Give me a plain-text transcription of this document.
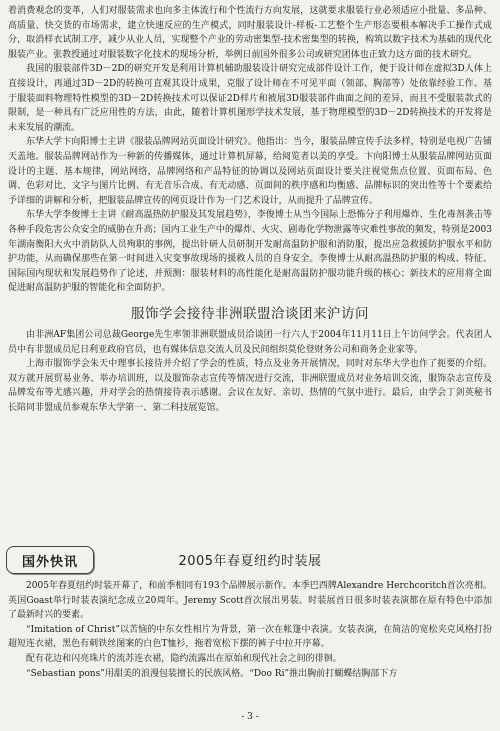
着消费观念的变革，人们对服装需求也向多主体流行和个性流行方向发展，这就要求服装行业必须适应小批量、多品种、高质量、快交货的市场需求，建立快速反应的生产模式，同时服装设计-样板-工艺整个生产形态要根本解决手工操作式成分，取消样衣试制工序，减少从业人员，实现整个产业的劳动密集型-技术密集型的转换，构筑以数字技术为基础的现代化服装产业。张教授通过对服装数字化技术的现场分析，举例日前国外很多公司或研究团体也正致力这方面的技术研究。

我国的服装部件3D－2D的研究开发是利用计算机辅助服装设计研究完成部件设计工作，便于设计师在虚拟3D人体上直接设计，再通过3D－2D的转换可直观其设计成果，克服了设计师在不可见平面（领部、胸部等）处依靠经验工作。基于服装面料物理特性模型的3D－2D转换技术可以保证2D样片和被展3D服装部件曲面之间的差异，而且不受服装款式的限制，是一种具有广泛应用性的方法，由此，随着计算机图形学技术发展，基于物理模型的3D－2D转换技术的开发将是未来发展的潮流。

东华大学卞向阳博士主讲《服装品牌网站页面设计研究》。他指出：当今，服装品牌宣传手法多样，特别是电视广告铺天盖地。服装品牌网站作为一种新的传播媒体，通过计算机屏幕，给阅览者以美的享受。卞向阳博士从服装品牌网站页面设计的主题、基本规律，网站网络，品牌网络和产品特征的协调以及网站页面设计要关注视觉焦点位置、页面布局、色调、色彩对比、文字与图片比例、有无音乐合成、有无动感、页面间的秩序感和均衡感、品牌标识的突出性等十个要素给予详细的讲解和分析，把服装品牌宣传的网页设计作为一门艺术设计，从而提升了品牌宣传。

东华大学李俊博士主讲《耐高温热防护服及其发展趋势》，李俊博士从当今国际上恐怖分子利用爆炸、生化毒剂袭击等各种手段危害公众安全的威胁在升高；国内工业生产中的爆炸、火灾、剧毒化学物泄露等灾难性事故的频发，特别是2003年湖南衡阳大火中消防队人员殉职的事例，提出针研人员研制开发耐高温防护服和消防服，提出应急救援防护服水平和防护功能，从而确保那些在第一时间进入灾变事故现场的援救人员的自身安全。李俊博士从耐高温热防护服的构成、特征、国际国内现状和发展趋势作了论述，并预测：服装材料的高性能化是耐高温防护服功能升级的核心；新技术的应用将全面促进耐高温防护服的智能化和全面防护。

服饰学会接待非洲联盟洽谈团来沪访问

由非洲AF集团公司总裁George先生率领非洲联盟成员洽谈团一行六人于2004年11月11日上午访问学会。代表团人员中有非盟成员尼日利亚政府官员，也有媒体信息交流人员及民间组织莫伦登财务公司和商务企业家等。

上海市服饰学会朱天中理事长接待并介绍了学会的性质，特点及业务开展情况，同时对东华大学也作了扼要的介绍。双方就开展贸易业务、举办培训班，以及服饰杂志宣传等情况进行交流，非洲联盟成员对业务培训交流，服饰杂志宣传及品牌发布等尤感兴趣，并对学会的热情接待表示感谢。会议在友好、亲切、热情的气氛中进行。最后，由学会丁剑英秘书长陪同非盟成员参观东华大学第一、第二科技展览馆。

国外快讯	2005年春夏纽约时装展

2005年春夏纽约时装开幕了，和前季相同有193个品牌展示新作。本季巴西牌Alexandre Herchcoritch首次亮相。英国Goast举行时装表演纪念成立20周年。Jeremy Scott首次展出男装。时装展首日很多时装表演都在原有特色中添加了最新时兴的要素。

“Imitation of Christ”以苦恼的中东女性相片为背景，第一次在帐篷中表演。女装表演，在简洁的宽松夹克风格打扮超短连衣裙，黑色有刺铁丝图案的白色T恤衫，拖着宽松下摆的裤子中拉开序幕。

配有花边和闪亮珠片的流苏连衣裙，隐约流露出在原始和现代社会之间的徘徊。

“Sebastian pons”用甜美的浪漫包装擅长的民族风格。“Doo Ri”推出胸前打蝴蝶结胸部下方

- 3 -
